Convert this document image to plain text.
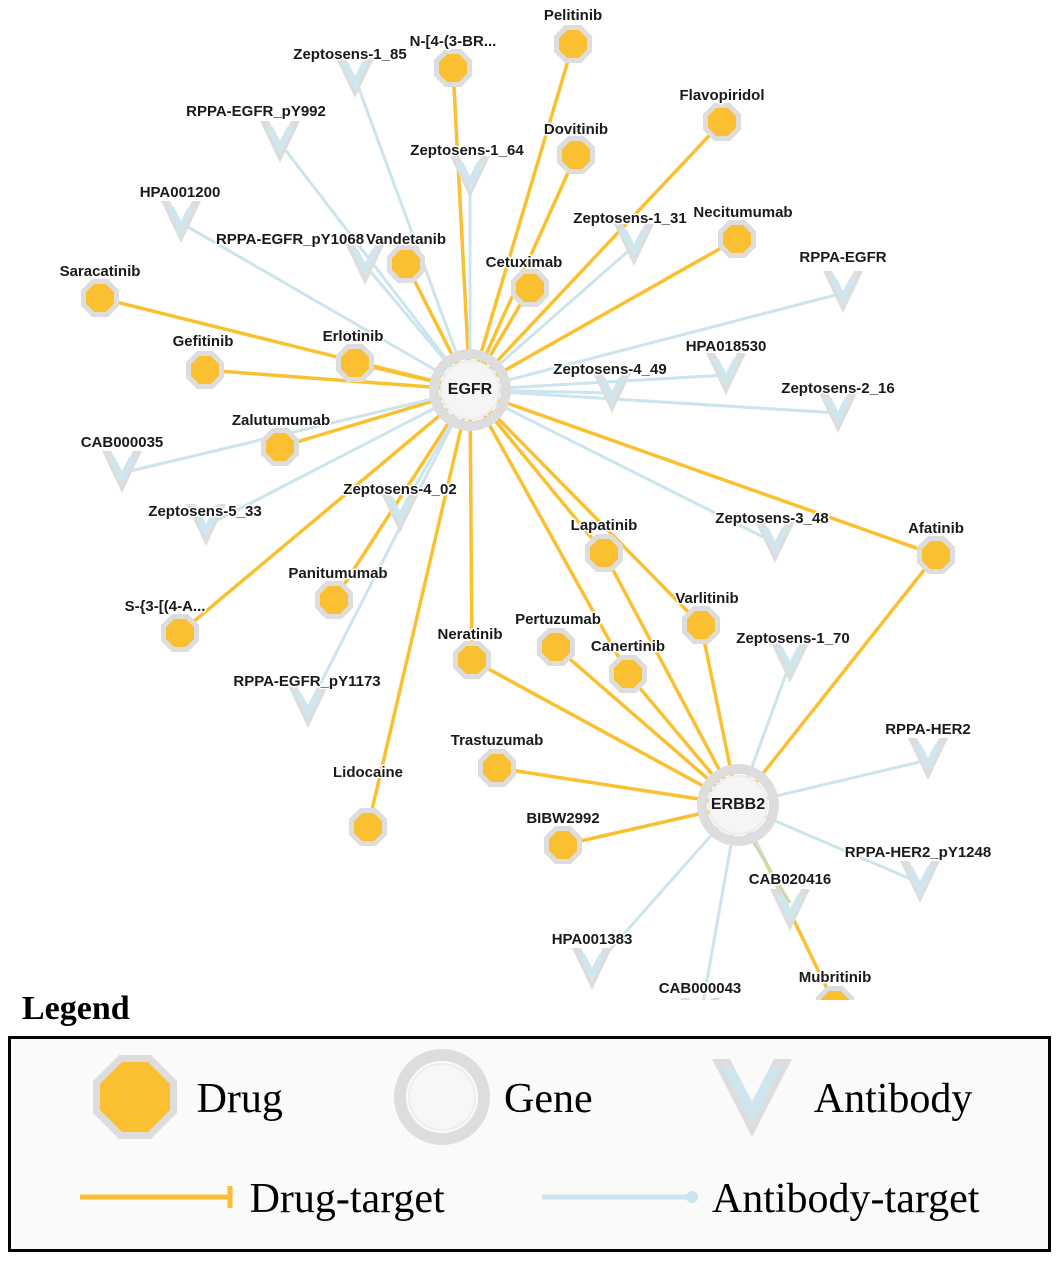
Pelitinib
N-[4-(3-BR...
Flavopiridol
Dovitinib
Necitumumab
Vandetanib
Cetuximab
Saracatinib
Gefitinib	Erlotinib
Zalutumumab
Panitumumab
S-{3-[(4-A...
Lidocaine
Lapatinib	Afatinib
Varlitinib
Neratinib
Pertuzumab
Canertinib
Trastuzumab
BIBW2992
Mubritinib
Zeptosens-1_85
RPPA-EGFR_pY992
Zeptosens-1_64
HPA001200
Zeptosens-1_31
RPPA-EGFR_pY1068
RPPA-EGFR
HPA018530
Zeptosens-4_49
Zeptosens-2_16
CAB000035
Zeptosens-5_33
Zeptosens-4_02
Zeptosens-3_48
Zeptosens-1_70
RPPA-EGFR_pY1173
RPPA-HER2
RPPA-HER2_pY1248
CAB020416
HPA001383
CAB000043
EGFR
ERBB2
Legend
Drug	Gene	Antibody
Drug-target	Antibody-target
